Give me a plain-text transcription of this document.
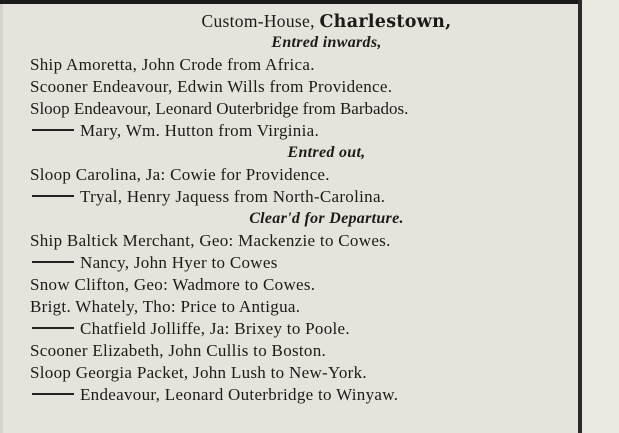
Custom-House, Charlestown,
Entred inwards,
Ship Amoretta, John Crode from Africa.
Scooner Endeavour, Edwin Wills from Providence.
Sloop Endeavour, Leonard Outerbridge from Barbados.
Mary, Wm. Hutton from Virginia.
Entred out,
Sloop Carolina, Ja: Cowie for Providence.
Tryal, Henry Jaquess from North-Carolina.
Clear'd for Departure.
Ship Baltick Merchant, Geo: Mackenzie to Cowes.
Nancy, John Hyer to Cowes
Snow Clifton, Geo: Wadmore to Cowes.
Brigt. Whately, Tho: Price to Antigua.
Chatfield Jolliffe, Ja: Brixey to Poole.
Scooner Elizabeth, John Cullis to Boston.
Sloop Georgia Packet, John Lush to New-York.
Endeavour, Leonard Outerbridge to Winyaw.
